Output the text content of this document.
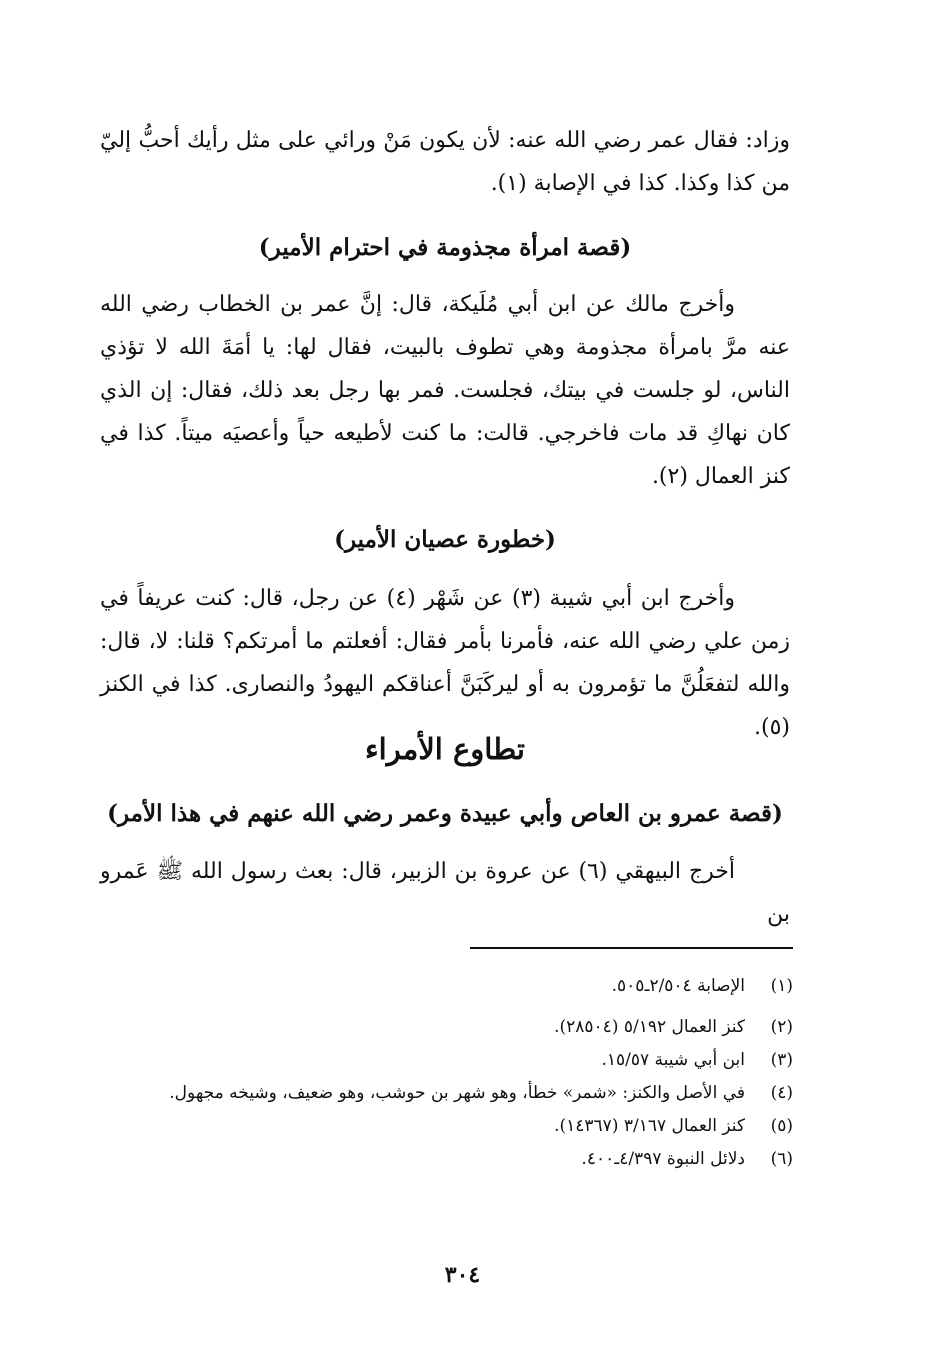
وزاد: فقال عمر رضي الله عنه: لأن يكون مَنْ ورائي على مثل رأيك أحبُّ إليّ من كذا وكذا. كذا في الإصابة (١).

(قصة امرأة مجذومة في احترام الأمير)

وأخرج مالك عن ابن أبي مُلَيكة، قال: إنَّ عمر بن الخطاب رضي الله عنه مرَّ بامرأة مجذومة وهي تطوف بالبيت، فقال لها: يا أمَةَ الله لا تؤذي الناس، لو جلست في بيتك، فجلست. فمر بها رجل بعد ذلك، فقال: إن الذي كان نهاكِ قد مات فاخرجي. قالت: ما كنت لأطيعه حياً وأعصيَه ميتاً. كذا في كنز العمال (٢).

(خطورة عصيان الأمير)

وأخرج ابن أبي شيبة (٣) عن شَهْر (٤) عن رجل، قال: كنت عريفاً في زمن علي رضي الله عنه، فأمرنا بأمر فقال: أفعلتم ما أمرتكم؟ قلنا: لا، قال: والله لتفعَلُنَّ ما تؤمرون به أو ليركَبَنَّ أعناقكم اليهودُ والنصارى. كذا في الكنز (٥).

تطاوع الأمراء
(قصة عمرو بن العاص وأبي عبيدة وعمر رضي الله عنهم في هذا الأمر)

أخرج البيهقي (٦) عن عروة بن الزبير، قال: بعث رسول الله ﷺ عَمرو بن

(١)
الإصابة ٢/٥٠٤ـ٥٠٥.
(٢)
كنز العمال ٥/١٩٢ (٢٨٥٠٤).
(٣)
ابن أبي شيبة ١٥/٥٧.
(٤)
في الأصل والكنز: «شمر» خطأ، وهو شهر بن حوشب، وهو ضعيف، وشيخه مجهول.
(٥)
كنز العمال ٣/١٦٧ (١٤٣٦٧).
(٦)
دلائل النبوة ٤/٣٩٧ـ٤٠٠.
٣٠٤
